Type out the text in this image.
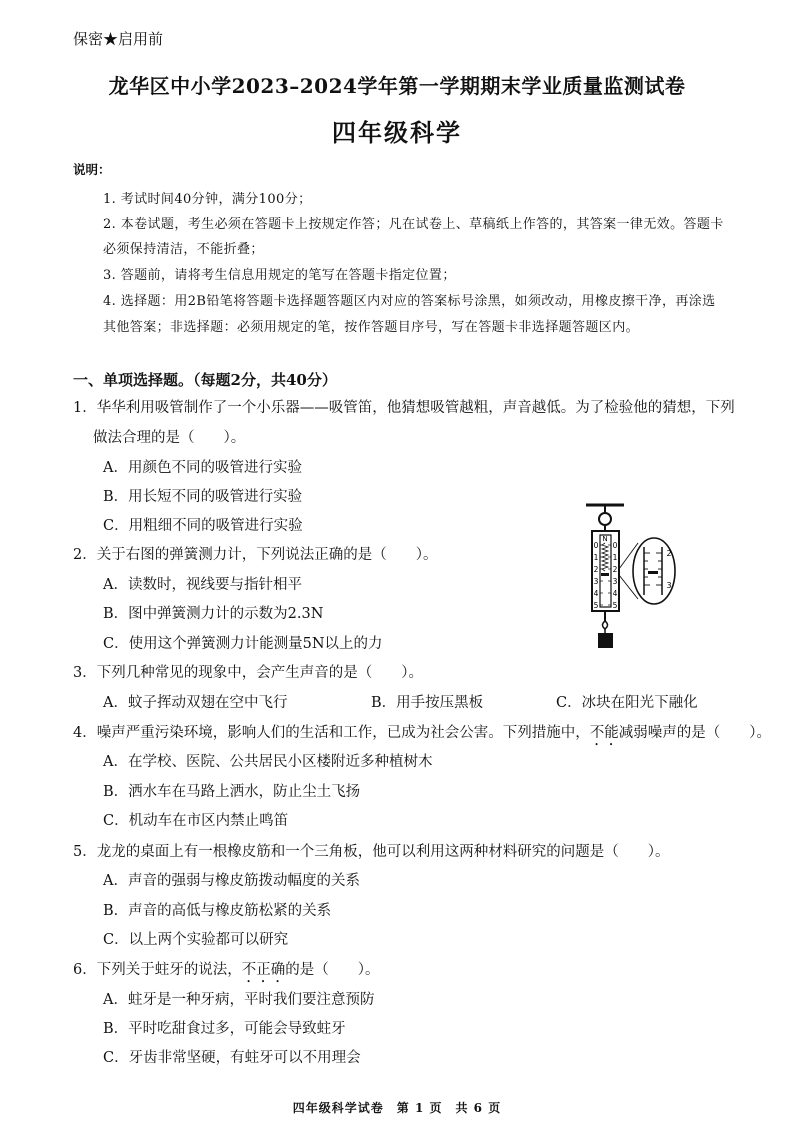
保密★启用前
龙华区中小学2023–2024学年第一学期期末学业质量监测试卷
四年级科学
说明：
1. 考试时间40分钟，满分100分；
2. 本卷试题，考生必须在答题卡上按规定作答；凡在试卷上、草稿纸上作答的，其答案一律无效。答题卡
必须保持清洁，不能折叠；
3. 答题前，请将考生信息用规定的笔写在答题卡指定位置；
4. 选择题：用2B铅笔将答题卡选择题答题区内对应的答案标号涂黑，如须改动，用橡皮擦干净，再涂选
其他答案；非选择题：必须用规定的笔，按作答题目序号，写在答题卡非选择题答题区内。
一、单项选择题。（每题2分，共40分）
1．华华利用吸管制作了一个小乐器——吸管笛，他猜想吸管越粗，声音越低。为了检验他的猜想，下列
做法合理的是（　　）。
A．用颜色不同的吸管进行实验
B．用长短不同的吸管进行实验
C．用粗细不同的吸管进行实验
2．关于右图的弹簧测力计，下列说法正确的是（　　）。
A．读数时，视线要与指针相平
B．图中弹簧测力计的示数为2.3N
C．使用这个弹簧测力计能测量5N以上的力
N
0
1
2
3
4
5
0
1
2
3
4
5
2
3
3．下列几种常见的现象中，会产生声音的是（　　）。
A．蚊子挥动双翅在空中飞行	B．用手按压黑板	C．冰块在阳光下融化
4．噪声严重污染环境，影响人们的生活和工作，已成为社会公害。下列措施中，不能减弱噪声的是（　　）。
A．在学校、医院、公共居民小区楼附近多种植树木
B．洒水车在马路上洒水，防止尘土飞扬
C．机动车在市区内禁止鸣笛
5．龙龙的桌面上有一根橡皮筋和一个三角板，他可以利用这两种材料研究的问题是（　　）。
A．声音的强弱与橡皮筋拨动幅度的关系
B．声音的高低与橡皮筋松紧的关系
C．以上两个实验都可以研究
6．下列关于蛀牙的说法，不正确的是（　　）。
A．蛀牙是一种牙病，平时我们要注意预防
B．平时吃甜食过多，可能会导致蛀牙
C．牙齿非常坚硬，有蛀牙可以不用理会
四年级科学试卷　第 1 页　共 6 页
